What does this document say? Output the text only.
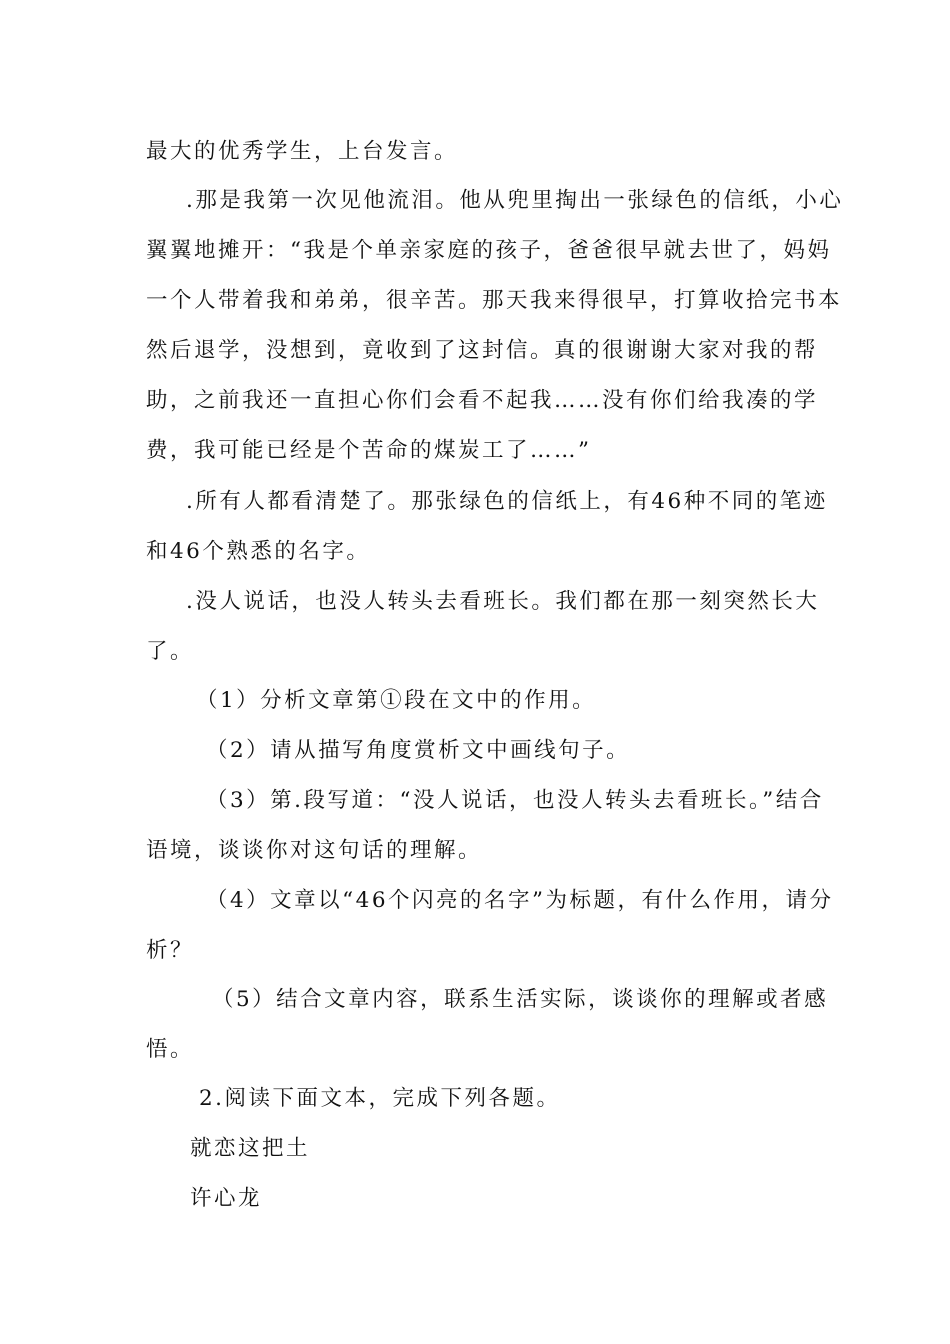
最大的优秀学生，上台发言。
.那是我第一次见他流泪。他从兜里掏出一张绿色的信纸，小心
翼翼地摊开：“我是个单亲家庭的孩子，爸爸很早就去世了，妈妈
一个人带着我和弟弟，很辛苦。那天我来得很早，打算收拾完书本
然后退学，没想到，竟收到了这封信。真的很谢谢大家对我的帮
助，之前我还一直担心你们会看不起我……没有你们给我凑的学
费，我可能已经是个苦命的煤炭工了……”
.所有人都看清楚了。那张绿色的信纸上，有46种不同的笔迹
和46个熟悉的名字。
.没人说话，也没人转头去看班长。我们都在那一刻突然长大
了。
（1）分析文章第①段在文中的作用。
（2）请从描写角度赏析文中画线句子。
（3）第.段写道：“没人说话，也没人转头去看班长。”结合
语境，谈谈你对这句话的理解。
（4）文章以“46个闪亮的名字”为标题，有什么作用，请分
析？
（5）结合文章内容，联系生活实际，谈谈你的理解或者感
悟。
2.阅读下面文本，完成下列各题。
就恋这把土
许心龙
